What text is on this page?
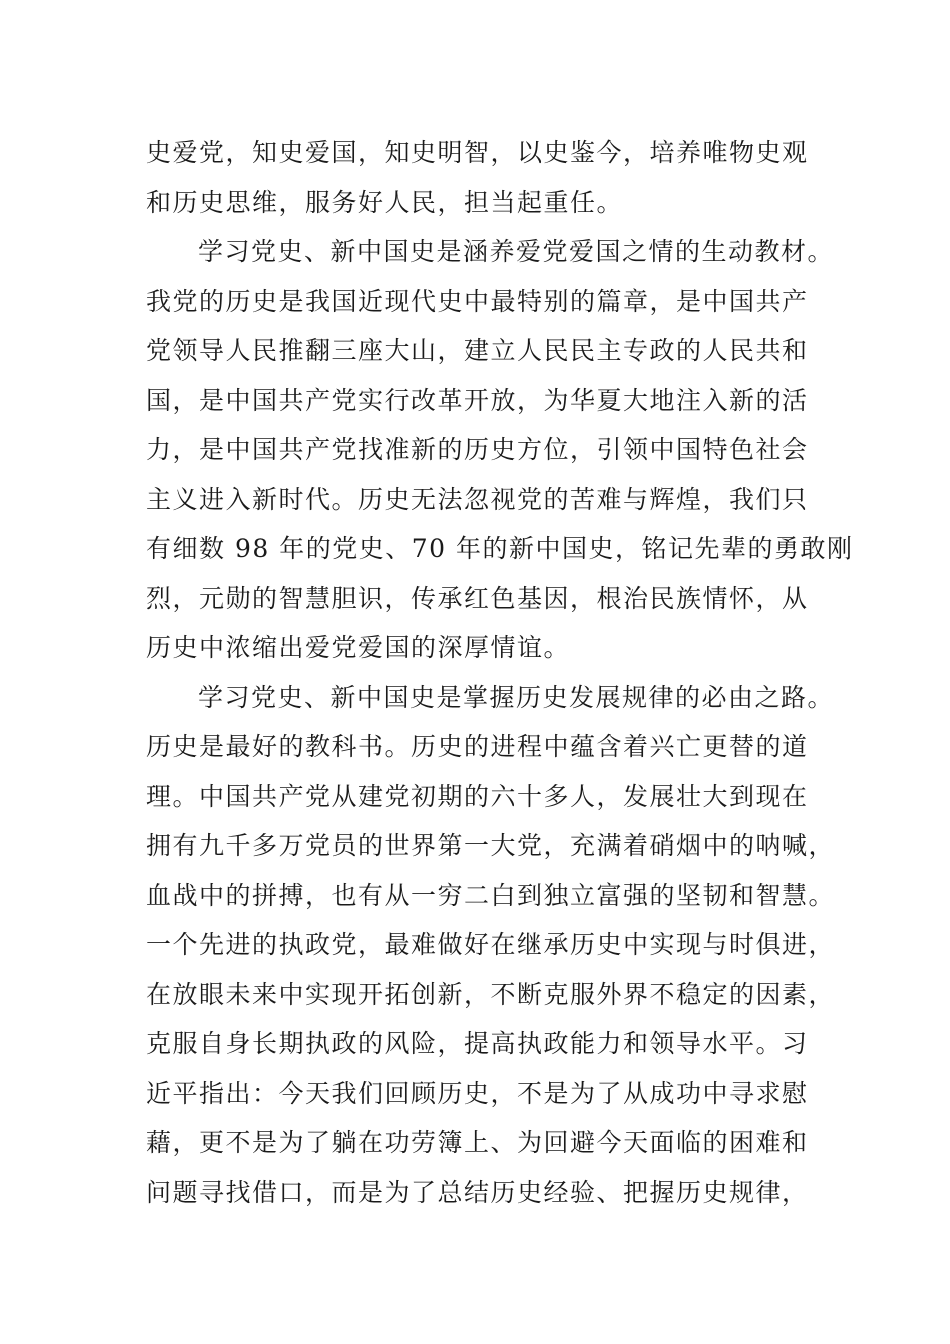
史爱党，知史爱国，知史明智，以史鉴今，培养唯物史观
和历史思维，服务好人民，担当起重任。
学习党史、新中国史是涵养爱党爱国之情的生动教材。
我党的历史是我国近现代史中最特别的篇章，是中国共产
党领导人民推翻三座大山，建立人民民主专政的人民共和
国，是中国共产党实行改革开放，为华夏大地注入新的活
力，是中国共产党找准新的历史方位，引领中国特色社会
主义进入新时代。历史无法忽视党的苦难与辉煌，我们只
有细数 98 年的党史、70 年的新中国史，铭记先辈的勇敢刚
烈，元勋的智慧胆识，传承红色基因，根治民族情怀，从
历史中浓缩出爱党爱国的深厚情谊。
学习党史、新中国史是掌握历史发展规律的必由之路。
历史是最好的教科书。历史的进程中蕴含着兴亡更替的道
理。中国共产党从建党初期的六十多人，发展壮大到现在
拥有九千多万党员的世界第一大党，充满着硝烟中的呐喊，
血战中的拼搏，也有从一穷二白到独立富强的坚韧和智慧。
一个先进的执政党，最难做好在继承历史中实现与时俱进，
在放眼未来中实现开拓创新，不断克服外界不稳定的因素，
克服自身长期执政的风险，提高执政能力和领导水平。习
近平指出：今天我们回顾历史，不是为了从成功中寻求慰
藉，更不是为了躺在功劳簿上、为回避今天面临的困难和
问题寻找借口，而是为了总结历史经验、把握历史规律，
